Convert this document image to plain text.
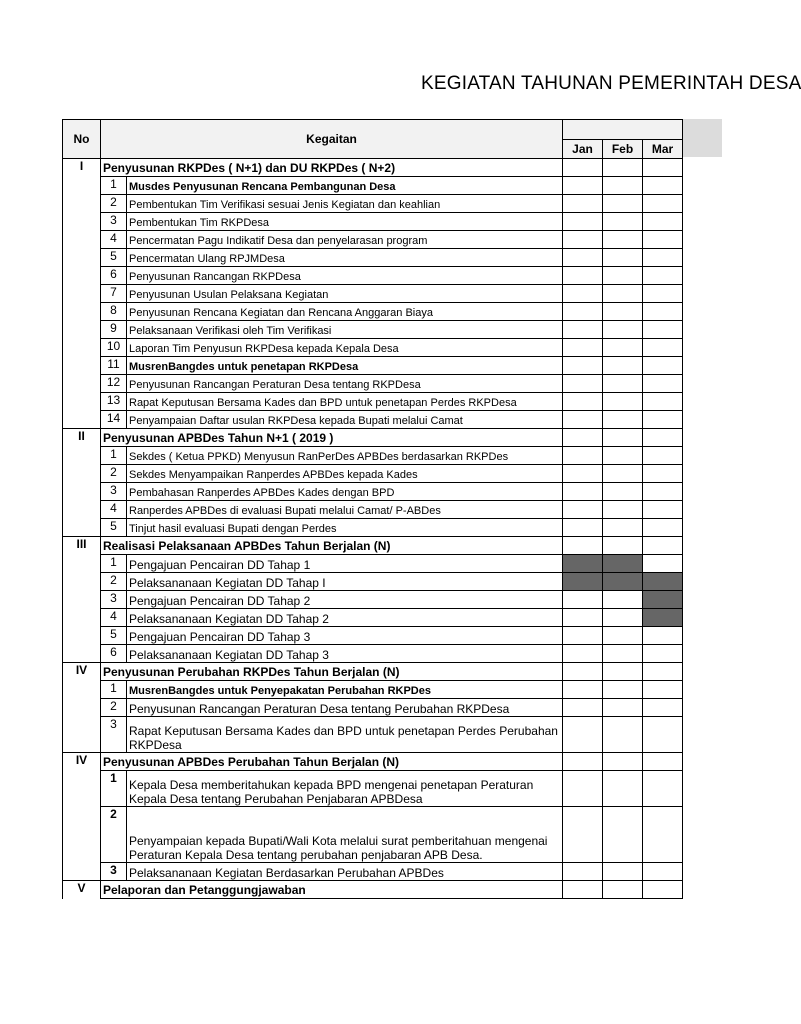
KEGIATAN TAHUNAN PEMERINTAH DESA
No	Kegaitan				
			Jan	Feb	Mar
I	Penyusunan RKPDes ( N+1) dan DU RKPDes ( N+2)				
	1	Musdes Penyusunan Rencana Pembangunan Desa			
	2	Pembentukan Tim Verifikasi sesuai Jenis Kegiatan dan keahlian			
	3	Pembentukan Tim RKPDesa			
	4	Pencermatan Pagu Indikatif Desa dan penyelarasan program			
	5	Pencermatan Ulang RPJMDesa			
	6	Penyusunan Rancangan RKPDesa			
	7	Penyusunan Usulan Pelaksana Kegiatan			
	8	Penyusunan Rencana Kegiatan dan Rencana Anggaran Biaya			
	9	Pelaksanaan Verifikasi oleh Tim Verifikasi			
	10	Laporan Tim Penyusun RKPDesa kepada Kepala Desa			
	11	MusrenBangdes untuk penetapan RKPDesa			
	12	Penyusunan Rancangan Peraturan Desa tentang RKPDesa			
	13	Rapat Keputusan Bersama Kades dan BPD untuk penetapan Perdes RKPDesa			
	14	Penyampaian Daftar usulan RKPDesa kepada Bupati melalui Camat			
II	Penyusunan APBDes Tahun N+1 ( 2019 )				
	1	Sekdes ( Ketua PPKD) Menyusun RanPerDes APBDes berdasarkan RKPDes			
	2	Sekdes Menyampaikan Ranperdes APBDes kepada Kades			
	3	Pembahasan Ranperdes APBDes Kades dengan BPD			
	4	Ranperdes APBDes di evaluasi Bupati melalui Camat/ P-ABDes			
	5	Tinjut hasil evaluasi Bupati dengan Perdes			
III	Realisasi Pelaksanaan APBDes Tahun Berjalan (N)				
	1	Pengajuan Pencairan DD Tahap 1			
	2	Pelaksananaan Kegiatan DD Tahap I			
	3	Pengajuan Pencairan DD Tahap 2			
	4	Pelaksananaan Kegiatan DD Tahap 2			
	5	Pengajuan Pencairan DD Tahap 3			
	6	Pelaksananaan Kegiatan DD Tahap 3			
IV	Penyusunan Perubahan RKPDes Tahun Berjalan (N)				
	1	MusrenBangdes untuk Penyepakatan Perubahan RKPDes			
	2	Penyusunan Rancangan Peraturan Desa tentang Perubahan RKPDesa			
	3	Rapat Keputusan Bersama Kades dan BPD untuk penetapan Perdes Perubahan RKPDesa			
IV	Penyusunan APBDes Perubahan Tahun Berjalan (N)				
	1	Kepala Desa memberitahukan kepada BPD mengenai penetapan Peraturan Kepala Desa tentang Perubahan Penjabaran APBDesa			
	2	Penyampaian kepada Bupati/Wali Kota melalui surat pemberitahuan mengenai Peraturan Kepala Desa tentang perubahan penjabaran APB Desa.			
	3	Pelaksananaan Kegiatan Berdasarkan Perubahan APBDes			
V	Pelaporan dan Petanggungjawaban				
